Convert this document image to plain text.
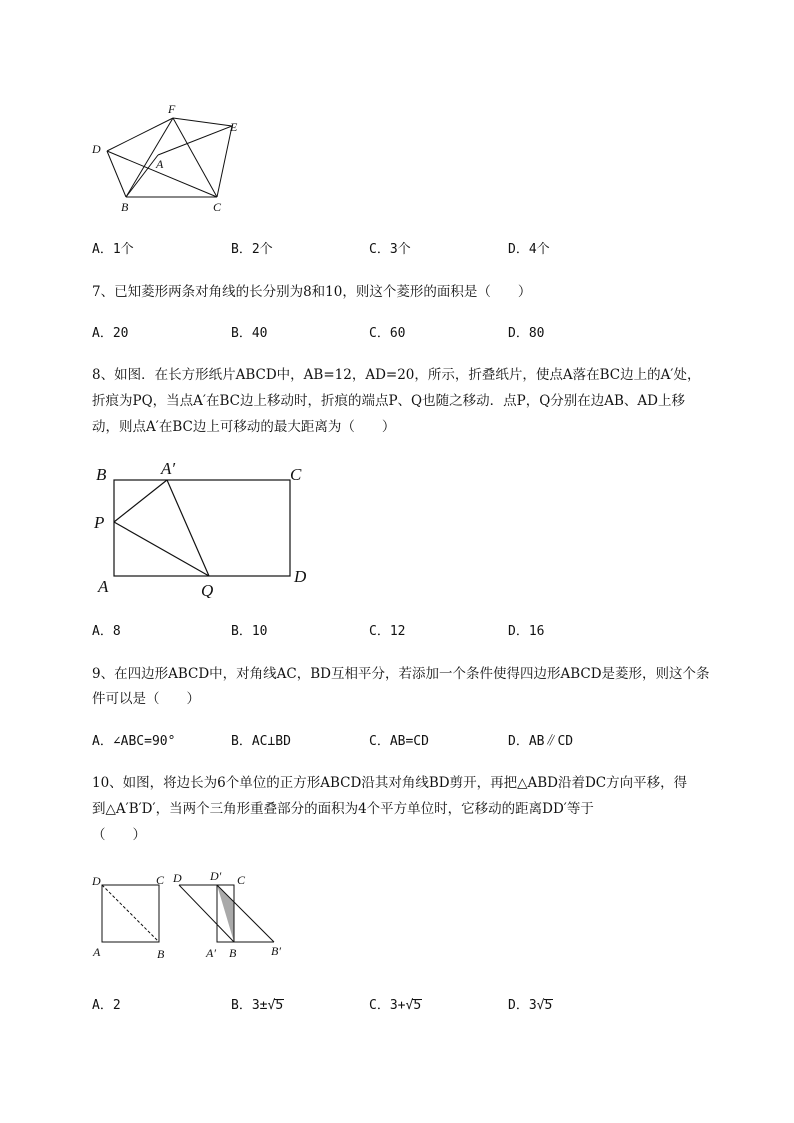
F
E
D
A
B	C
A．1个	B．2个	C．3个	D．4个
7、已知菱形两条对角线的长分别为8和10，则这个菱形的面积是（　　）
A．20	B．40	C．60	D．80
8、如图．在长方形纸片ABCD中，AB=12，AD=20，所示，折叠纸片，使点A落在BC边上的A′处，
折痕为PQ，当点A′在BC边上移动时，折痕的端点P、Q也随之移动．点P，Q分别在边AB、AD上移
动，则点A′在BC边上可移动的最大距离为（　　）
B	A′	C
P
A	Q
D
A．8	B．10	C．12	D．16
9、在四边形ABCD中，对角线AC，BD互相平分，若添加一个条件使得四边形ABCD是菱形，则这个条
件可以是（　　）
A．∠ABC=90°	B．AC⊥BD	C．AB=CD	D．AB∥CD
10、如图，将边长为6个单位的正方形ABCD沿其对角线BD剪开，再把△ABD沿着DC方向平移，得
到△A′B′D′，当两个三角形重叠部分的面积为4个平方单位时，它移动的距离DD′等于
（　　）
D	C
A	B
D D′ C
A′ B	B′
A．2	B．3±√
5	C．3+√
5	D．3√
5
